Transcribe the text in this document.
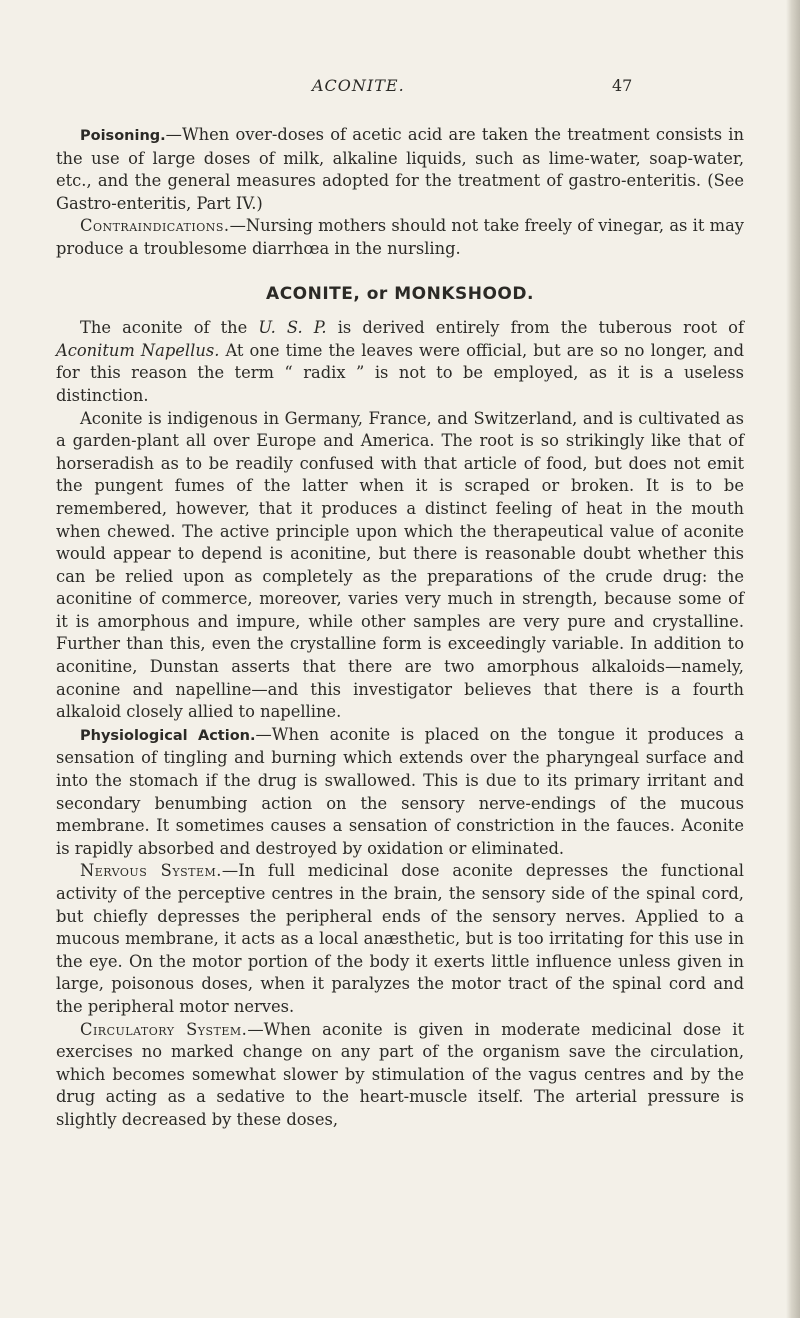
ACONITE.	47

Poisoning.—When over-doses of acetic acid are taken the treatment consists in the use of large doses of milk, alkaline liquids, such as lime-water, soap-water, etc., and the general measures adopted for the treatment of gastro-enteritis. (See Gastro-enteritis, Part IV.)

Contraindications.—Nursing mothers should not take freely of vinegar, as it may produce a troublesome diarrhœa in the nursling.

ACONITE, or MONKSHOOD.

The aconite of the U. S. P. is derived entirely from the tuberous root of Aconitum Napellus. At one time the leaves were official, but are so no longer, and for this reason the term “ radix ” is not to be employed, as it is a useless distinction.

Aconite is indigenous in Germany, France, and Switzerland, and is cultivated as a garden-plant all over Europe and America. The root is so strikingly like that of horseradish as to be readily confused with that article of food, but does not emit the pungent fumes of the latter when it is scraped or broken. It is to be remembered, however, that it produces a distinct feeling of heat in the mouth when chewed. The active principle upon which the therapeutical value of aconite would appear to depend is aconitine, but there is reasonable doubt whether this can be relied upon as completely as the preparations of the crude drug: the aconitine of commerce, moreover, varies very much in strength, because some of it is amorphous and impure, while other samples are very pure and crystalline. Further than this, even the crystalline form is exceedingly variable. In addition to aconitine, Dunstan asserts that there are two amorphous alkaloids—namely, aconine and napelline—and this investigator believes that there is a fourth alkaloid closely allied to napelline.

Physiological Action.—When aconite is placed on the tongue it produces a sensation of tingling and burning which extends over the pharyngeal surface and into the stomach if the drug is swallowed. This is due to its primary irritant and secondary benumbing action on the sensory nerve-endings of the mucous membrane. It sometimes causes a sensation of constriction in the fauces. Aconite is rapidly absorbed and destroyed by oxidation or eliminated.

Nervous System.—In full medicinal dose aconite depresses the functional activity of the perceptive centres in the brain, the sensory side of the spinal cord, but chiefly depresses the peripheral ends of the sensory nerves. Applied to a mucous membrane, it acts as a local anæsthetic, but is too irritating for this use in the eye. On the motor portion of the body it exerts little influence unless given in large, poisonous doses, when it paralyzes the motor tract of the spinal cord and the peripheral motor nerves.

Circulatory System.—When aconite is given in moderate medicinal dose it exercises no marked change on any part of the organism save the circulation, which becomes somewhat slower by stimulation of the vagus centres and by the drug acting as a sedative to the heart-muscle itself. The arterial pressure is slightly decreased by these doses,
